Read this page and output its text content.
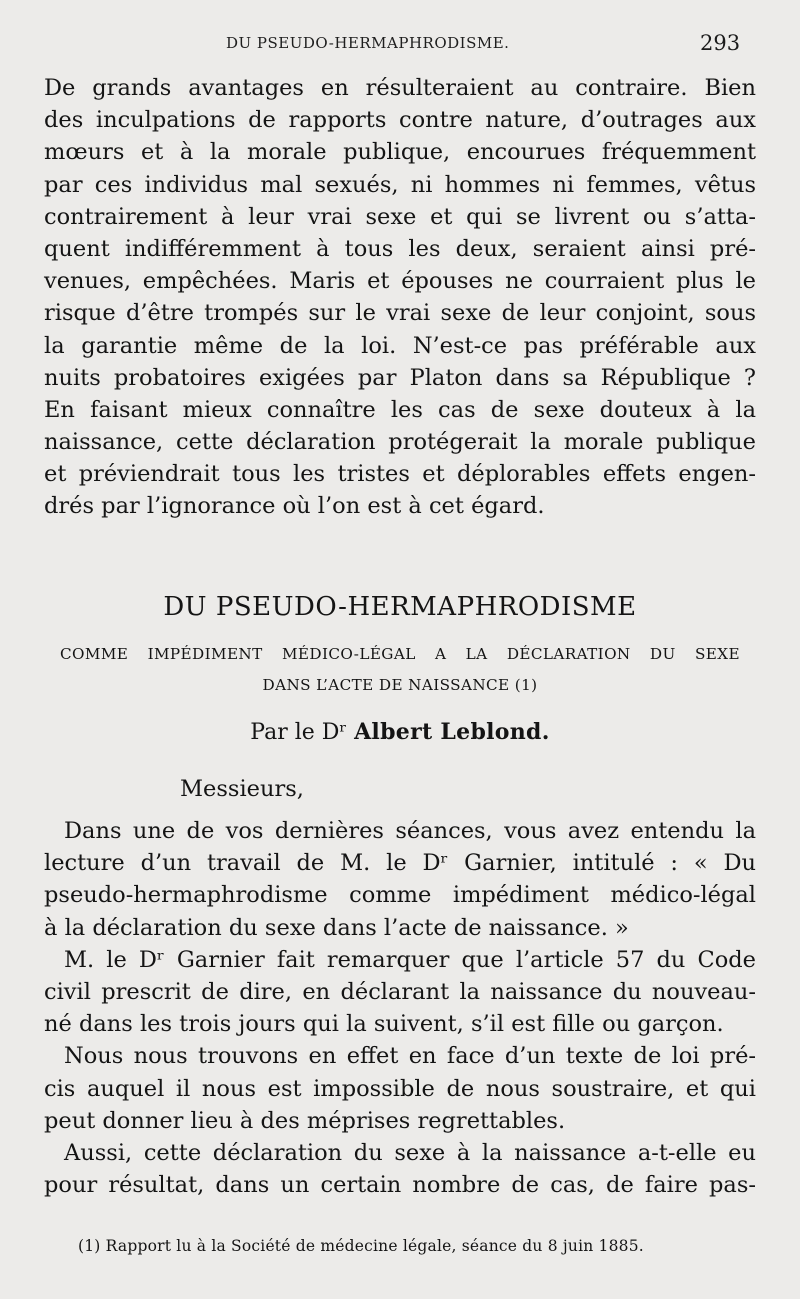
DU PSEUDO-HERMAPHRODISME.	293
De grands avantages en résulteraient au contraire. Bien
des inculpations de rapports contre nature, d’outrages aux
mœurs et à la morale publique, encourues fréquemment
par ces individus mal sexués, ni hommes ni femmes, vêtus
contrairement à leur vrai sexe et qui se livrent ou s’atta-
quent indifféremment à tous les deux, seraient ainsi pré-
venues, empêchées. Maris et épouses ne courraient plus le
risque d’être trompés sur le vrai sexe de leur conjoint, sous
la garantie même de la loi. N’est-ce pas préférable aux
nuits probatoires exigées par Platon dans sa République ?
En faisant mieux connaître les cas de sexe douteux à la
naissance, cette déclaration protégerait la morale publique
et préviendrait tous les tristes et déplorables effets engen-
drés par l’ignorance où l’on est à cet égard.
DU PSEUDO-HERMAPHRODISME
COMME IMPÉDIMENT MÉDICO-LÉGAL A LA DÉCLARATION DU SEXE
DANS L’ACTE DE NAISSANCE (1)
Par le Dʳ Albert Leblond.
Messieurs,
Dans une de vos dernières séances, vous avez entendu la
lecture d’un travail de M. le Dʳ Garnier, intitulé : « Du
pseudo-hermaphrodisme comme impédiment médico-légal
à la déclaration du sexe dans l’acte de naissance. »
M. le Dʳ Garnier fait remarquer que l’article 57 du Code
civil prescrit de dire, en déclarant la naissance du nouveau-
né dans les trois jours qui la suivent, s’il est fille ou garçon.
Nous nous trouvons en effet en face d’un texte de loi pré-
cis auquel il nous est impossible de nous soustraire, et qui
peut donner lieu à des méprises regrettables.
Aussi, cette déclaration du sexe à la naissance a-t-elle eu
pour résultat, dans un certain nombre de cas, de faire pas-
(1) Rapport lu à la Société de médecine légale, séance du 8 juin 1885.
